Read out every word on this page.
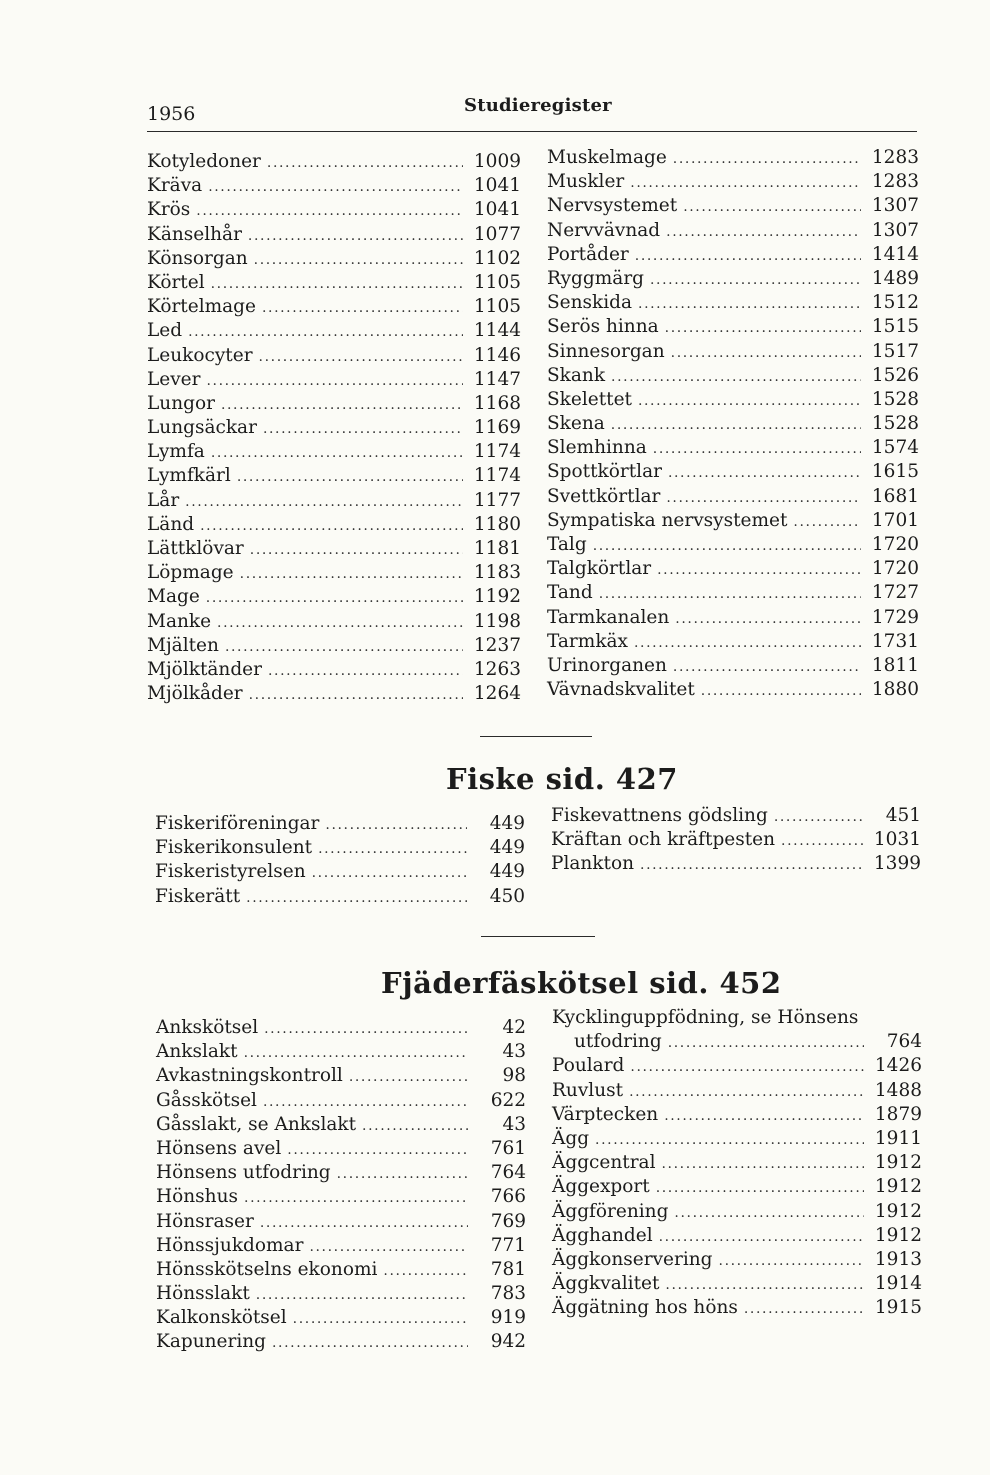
1956	Studieregister
Kotyledoner .....	1009
Kräva .....	1041
Krös .....	1041
Känselhår .....	1077
Könsorgan .....	1102
Körtel .....	1105
Körtelmage .....	1105
Led .....	1144
Leukocyter .....	1146
Lever .....	1147
Lungor .....	1168
Lungsäckar .....	1169
Lymfa .....	1174
Lymfkärl .....	1174
Lår .....	1177
Länd .....	1180
Lättklövar .....	1181
Löpmage .....	1183
Mage .....	1192
Manke .....	1198
Mjälten .....	1237
Mjölktänder .....	1263
Mjölkåder .....	1264
Muskelmage .....	1283
Muskler .....	1283
Nervsystemet .....	1307
Nervvävnad .....	1307
Portåder .....	1414
Ryggmärg .....	1489
Senskida .....	1512
Serös hinna .....	1515
Sinnesorgan .....	1517
Skank .....	1526
Skelettet .....	1528
Skena .....	1528
Slemhinna .....	1574
Spottkörtlar .....	1615
Svettkörtlar .....	1681
Sympatiska nervsystemet .....	1701
Talg .....	1720
Talgkörtlar .....	1720
Tand .....	1727
Tarmkanalen .....	1729
Tarmkäx .....	1731
Urinorganen .....	1811
Vävnadskvalitet .....	1880
Fiske sid. 427
Fiskeriföreningar .....	449
Fiskerikonsulent .....	449
Fiskeristyrelsen .....	449
Fiskerätt .....	450
Fiskevattnens gödsling .....	451
Kräftan och kräftpesten .....	1031
Plankton .....	1399
Fjäderfäskötsel sid. 452
Ankskötsel .....	42
Ankslakt .....	43
Avkastningskontroll .....	98
Gåsskötsel .....	622
Gåsslakt, se Ankslakt .....	43
Hönsens avel .....	761
Hönsens utfodring .....	764
Hönshus .....	766
Hönsraser .....	769
Hönssjukdomar .....	771
Hönsskötselns ekonomi .....	781
Hönsslakt .....	783
Kalkonskötsel .....	919
Kapunering .....	942
Kycklinguppfödning, se Hönsens
utfodring .....	764
Poulard .....	1426
Ruvlust .....	1488
Värptecken .....	1879
Ägg .....	1911
Äggcentral .....	1912
Äggexport .....	1912
Äggförening .....	1912
Ägghandel .....	1912
Äggkonservering .....	1913
Äggkvalitet .....	1914
Äggätning hos höns .....	1915
